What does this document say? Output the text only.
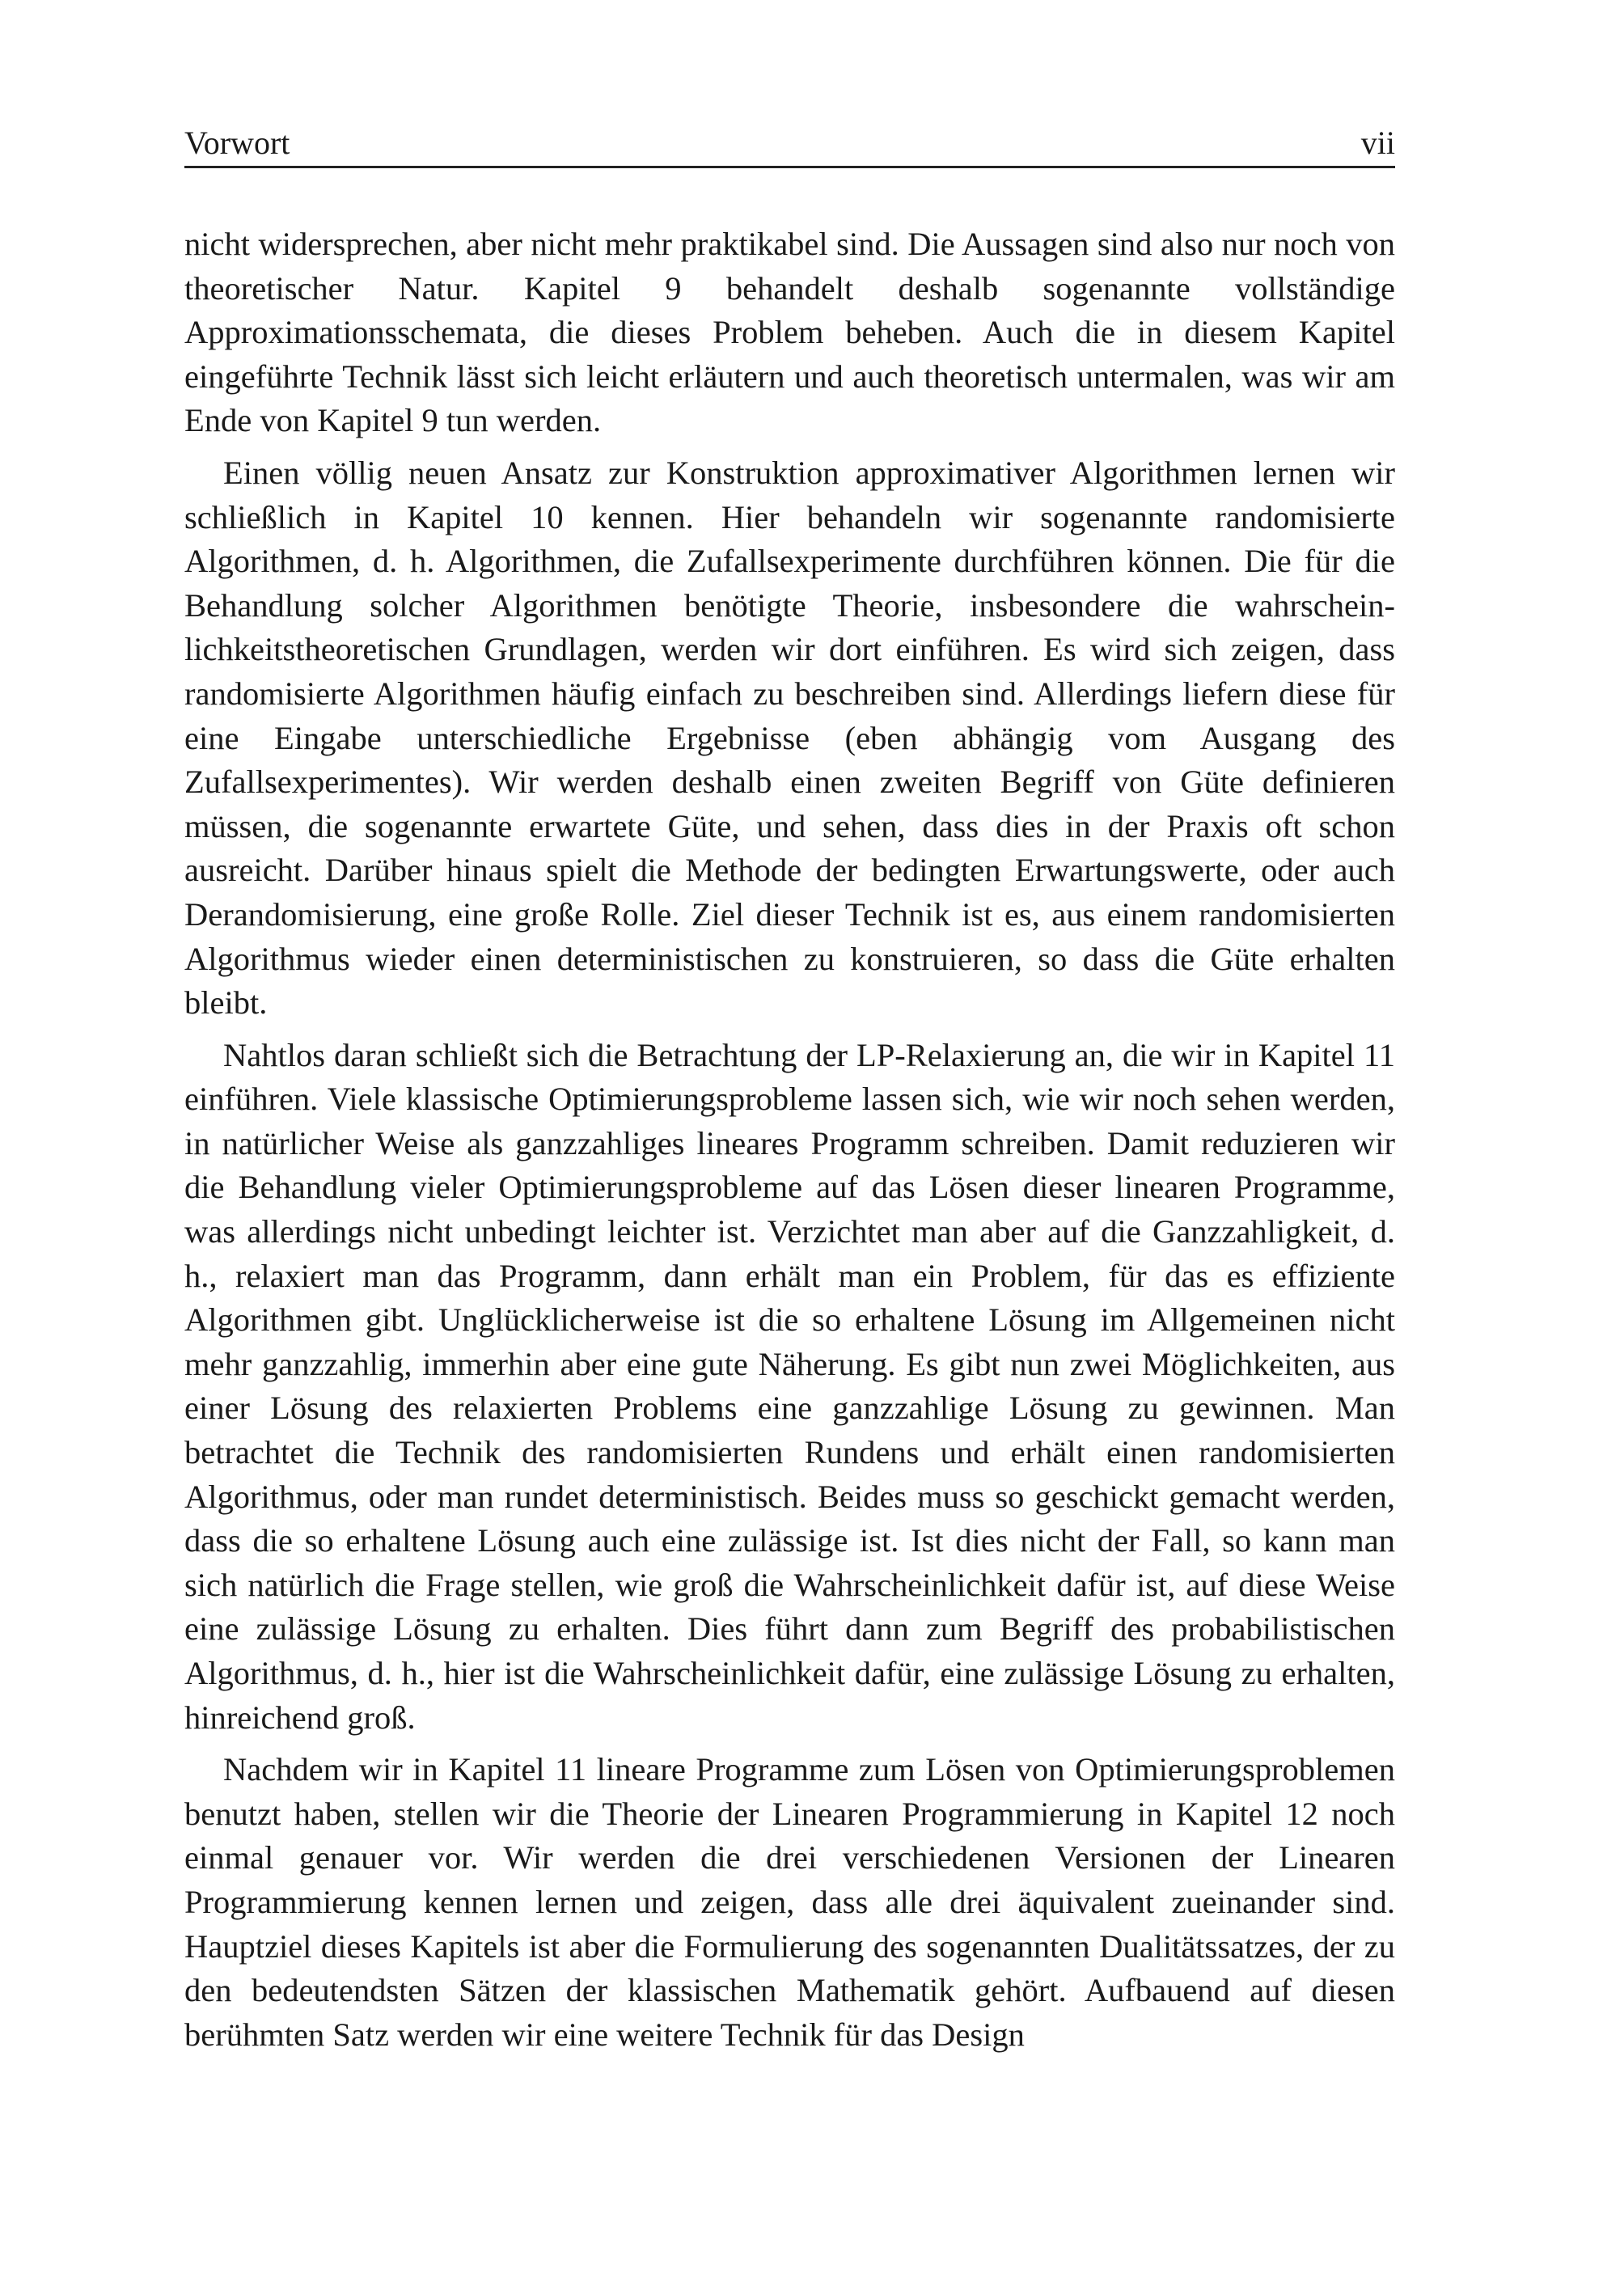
Vorwort	vii

nicht widersprechen, aber nicht mehr praktikabel sind. Die Aussagen sind also nur noch von theoretischer Natur. Kapitel 9 behandelt deshalb sogenannte vollständige Approximationsschemata, die dieses Problem beheben. Auch die in diesem Kapitel eingeführte Technik lässt sich leicht erläutern und auch theoretisch untermalen, was wir am Ende von Kapitel 9 tun werden.

Einen völlig neuen Ansatz zur Konstruktion approximativer Algorithmen lernen wir schließlich in Kapitel 10 kennen. Hier behandeln wir sogenannte randomisierte Algorithmen, d. h. Algorithmen, die Zufallsexperimente durchführen können. Die für die Behandlung solcher Algorithmen benötigte Theorie, insbesondere die wahrscheinlichkeitstheoretischen Grundlagen, werden wir dort einführen. Es wird sich zeigen, dass randomisierte Algorithmen häufig einfach zu beschreiben sind. Allerdings liefern diese für eine Eingabe unterschiedliche Ergebnisse (eben abhängig vom Ausgang des Zufallsexperimentes). Wir werden deshalb einen zweiten Begriff von Güte definieren müssen, die sogenannte erwartete Güte, und sehen, dass dies in der Praxis oft schon ausreicht. Darüber hinaus spielt die Methode der bedingten Erwartungswerte, oder auch Derandomisierung, eine große Rolle. Ziel dieser Technik ist es, aus einem randomisierten Algorithmus wieder einen deterministischen zu konstruieren, so dass die Güte erhalten bleibt.

Nahtlos daran schließt sich die Betrachtung der LP-Relaxierung an, die wir in Kapitel 11 einführen. Viele klassische Optimierungsprobleme lassen sich, wie wir noch sehen werden, in natürlicher Weise als ganzzahliges lineares Programm schreiben. Damit reduzieren wir die Behandlung vieler Optimierungsprobleme auf das Lösen dieser linearen Programme, was allerdings nicht unbedingt leichter ist. Verzichtet man aber auf die Ganzzahligkeit, d. h., relaxiert man das Programm, dann erhält man ein Problem, für das es effiziente Algorithmen gibt. Unglücklicherweise ist die so erhaltene Lösung im Allgemeinen nicht mehr ganzzahlig, immerhin aber eine gute Näherung. Es gibt nun zwei Möglichkeiten, aus einer Lösung des relaxierten Problems eine ganzzahlige Lösung zu gewinnen. Man betrachtet die Technik des randomisierten Rundens und erhält einen randomisierten Algorithmus, oder man rundet deterministisch. Beides muss so geschickt gemacht werden, dass die so erhaltene Lösung auch eine zulässige ist. Ist dies nicht der Fall, so kann man sich natürlich die Frage stellen, wie groß die Wahrscheinlichkeit dafür ist, auf diese Weise eine zulässige Lösung zu erhalten. Dies führt dann zum Begriff des probabilistischen Algorithmus, d. h., hier ist die Wahrscheinlichkeit dafür, eine zulässige Lösung zu erhalten, hinreichend groß.

Nachdem wir in Kapitel 11 lineare Programme zum Lösen von Optimierungsproblemen benutzt haben, stellen wir die Theorie der Linearen Programmierung in Kapitel 12 noch einmal genauer vor. Wir werden die drei verschiedenen Versionen der Linearen Programmierung kennen lernen und zeigen, dass alle drei äquivalent zueinander sind. Hauptziel dieses Kapitels ist aber die Formulierung des sogenannten Dualitätssatzes, der zu den bedeutendsten Sätzen der klassischen Mathematik gehört. Aufbauend auf diesen berühmten Satz werden wir eine weitere Technik für das Design
